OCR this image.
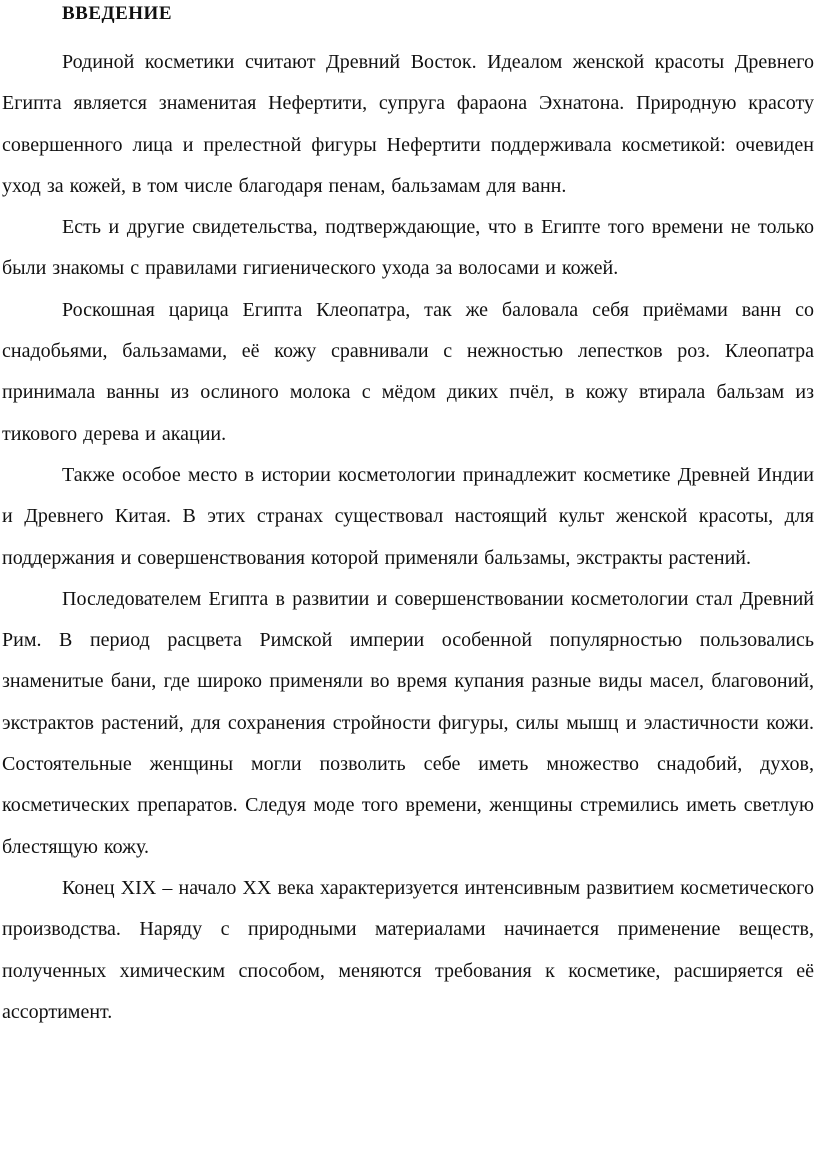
ВВЕДЕНИЕ

Родиной косметики считают Древний Восток. Идеалом женской красоты Древнего Египта является знаменитая Нефертити, супруга фараона Эхнатона. Природную красоту совершенного лица и прелестной фигуры Нефертити поддерживала косметикой: очевиден уход за кожей, в том числе благодаря пенам, бальзамам для ванн.

Есть и другие свидетельства, подтверждающие, что в Египте того времени не только были знакомы с правилами гигиенического ухода за волосами и кожей.

Роскошная царица Египта Клеопатра, так же баловала себя приёмами ванн со снадобьями, бальзамами, её кожу сравнивали с нежностью лепестков роз. Клеопатра принимала ванны из ослиного молока с мёдом диких пчёл, в кожу втирала бальзам из тикового дерева и акации.

Также особое место в истории косметологии принадлежит косметике Древней Индии и Древнего Китая. В этих странах существовал настоящий культ женской красоты, для поддержания и совершенствования которой применяли бальзамы, экстракты растений.

Последователем Египта в развитии и совершенствовании косметологии стал Древний Рим. В период расцвета Римской империи особенной популярностью пользовались знаменитые бани, где широко применяли во время купания разные виды масел, благовоний, экстрактов растений, для сохранения стройности фигуры, силы мышц и эластичности кожи. Состоятельные женщины могли позволить себе иметь множество снадобий, духов, косметических препаратов. Следуя моде того времени, женщины стремились иметь светлую блестящую кожу.

Конец XIX – начало XX века характеризуется интенсивным развитием косметического производства. Наряду с природными материалами начинается применение веществ, полученных химическим способом, меняются требования к косметике, расширяется её ассортимент.
